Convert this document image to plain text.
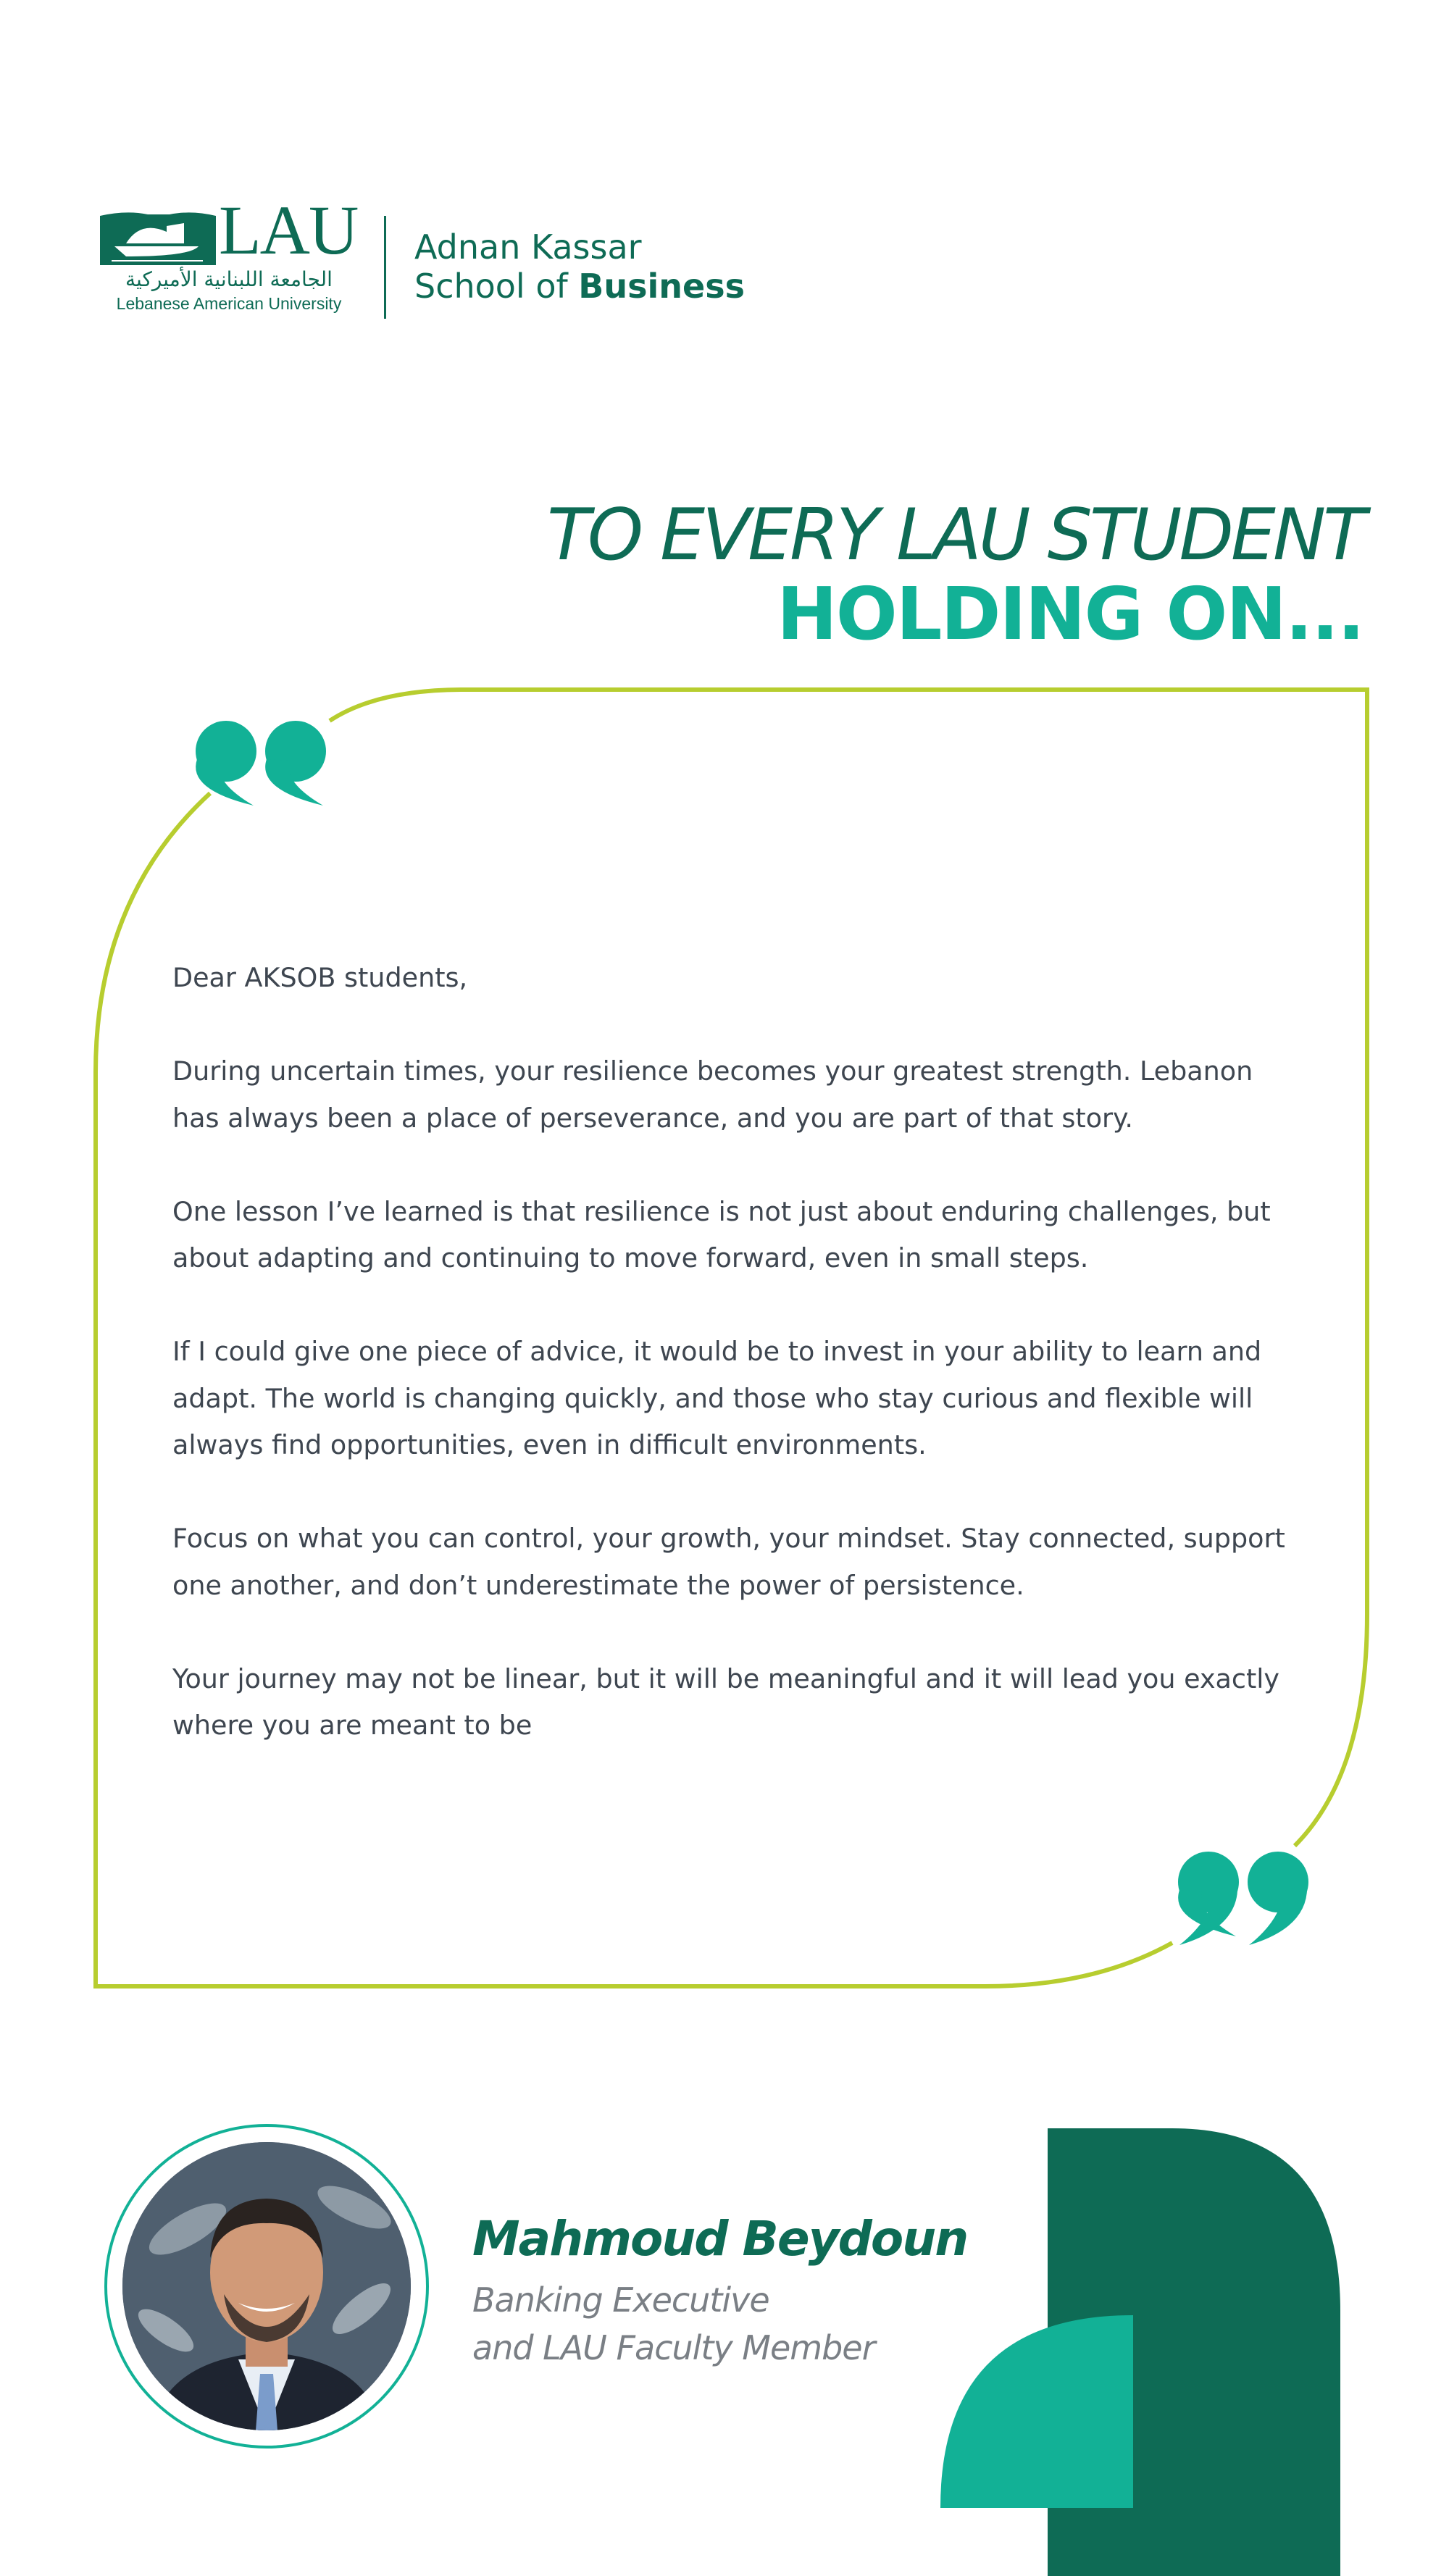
LAU
الجامعة اللبنانية الأميركية
Lebanese American University
Adnan Kassar
School of Business
TO EVERY LAU STUDENT
HOLDING ON...

Dear AKSOB students,

During uncertain times, your resilience becomes your greatest strength. Lebanon has always been a place of perseverance, and you are part of that story.

One lesson I’ve learned is that resilience is not just about enduring challenges, but about adapting and continuing to move forward, even in small steps.

If I could give one piece of advice, it would be to invest in your ability to learn and adapt. The world is changing quickly, and those who stay curious and flexible will always find opportunities, even in difficult environments.

Focus on what you can control, your growth, your mindset. Stay connected, support one another, and don’t underestimate the power of persistence.

Your journey may not be linear, but it will be meaningful and it will lead you exactly where you are meant to be

Mahmoud Beydoun
Banking Executive
and LAU Faculty Member
